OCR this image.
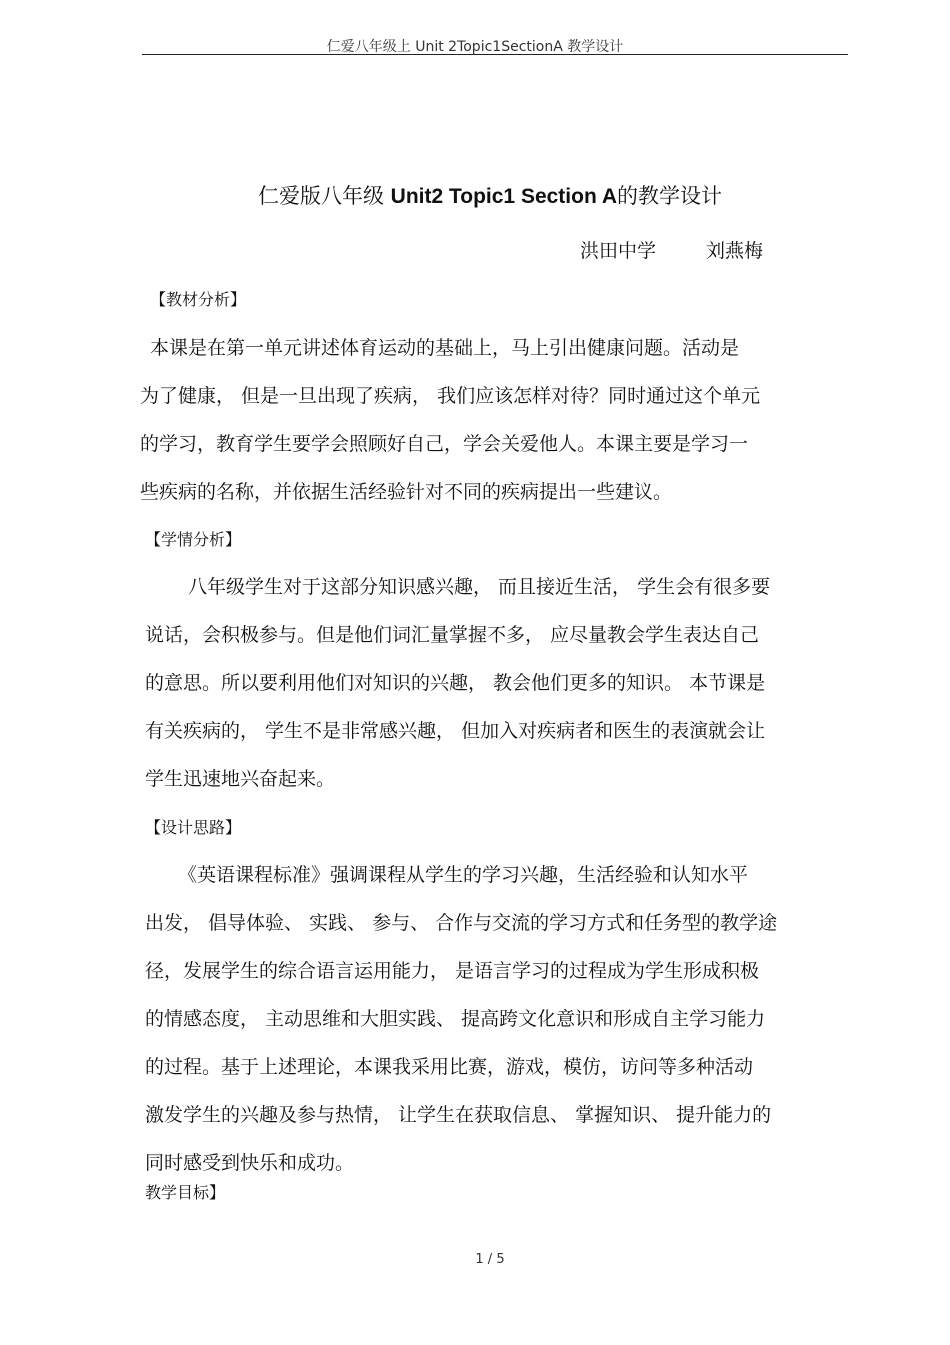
仁爱八年级上 Unit 2Topic1SectionA 教学设计
仁爱版八年级 Unit2 Topic1 Section A的教学设计
洪田中学	刘燕梅
【教材分析】
本课是在第一单元讲述体育运动的基础上，马上引出健康问题。活动是
为了健康， 但是一旦出现了疾病， 我们应该怎样对待？同时通过这个单元
的学习，教育学生要学会照顾好自己，学会关爱他人。本课主要是学习一
些疾病的名称，并依据生活经验针对不同的疾病提出一些建议。
【学情分析】
八年级学生对于这部分知识感兴趣， 而且接近生活， 学生会有很多要
说话，会积极参与。但是他们词汇量掌握不多， 应尽量教会学生表达自己
的意思。所以要利用他们对知识的兴趣， 教会他们更多的知识。 本节课是
有关疾病的， 学生不是非常感兴趣， 但加入对疾病者和医生的表演就会让
学生迅速地兴奋起来。
【设计思路】
《英语课程标准》强调课程从学生的学习兴趣，生活经验和认知水平
出发， 倡导体验、 实践、 参与、 合作与交流的学习方式和任务型的教学途
径，发展学生的综合语言运用能力， 是语言学习的过程成为学生形成积极
的情感态度， 主动思维和大胆实践、 提高跨文化意识和形成自主学习能力
的过程。基于上述理论，本课我采用比赛，游戏，模仿，访问等多种活动
激发学生的兴趣及参与热情， 让学生在获取信息、 掌握知识、 提升能力的
同时感受到快乐和成功。
教学目标】
1 / 5
